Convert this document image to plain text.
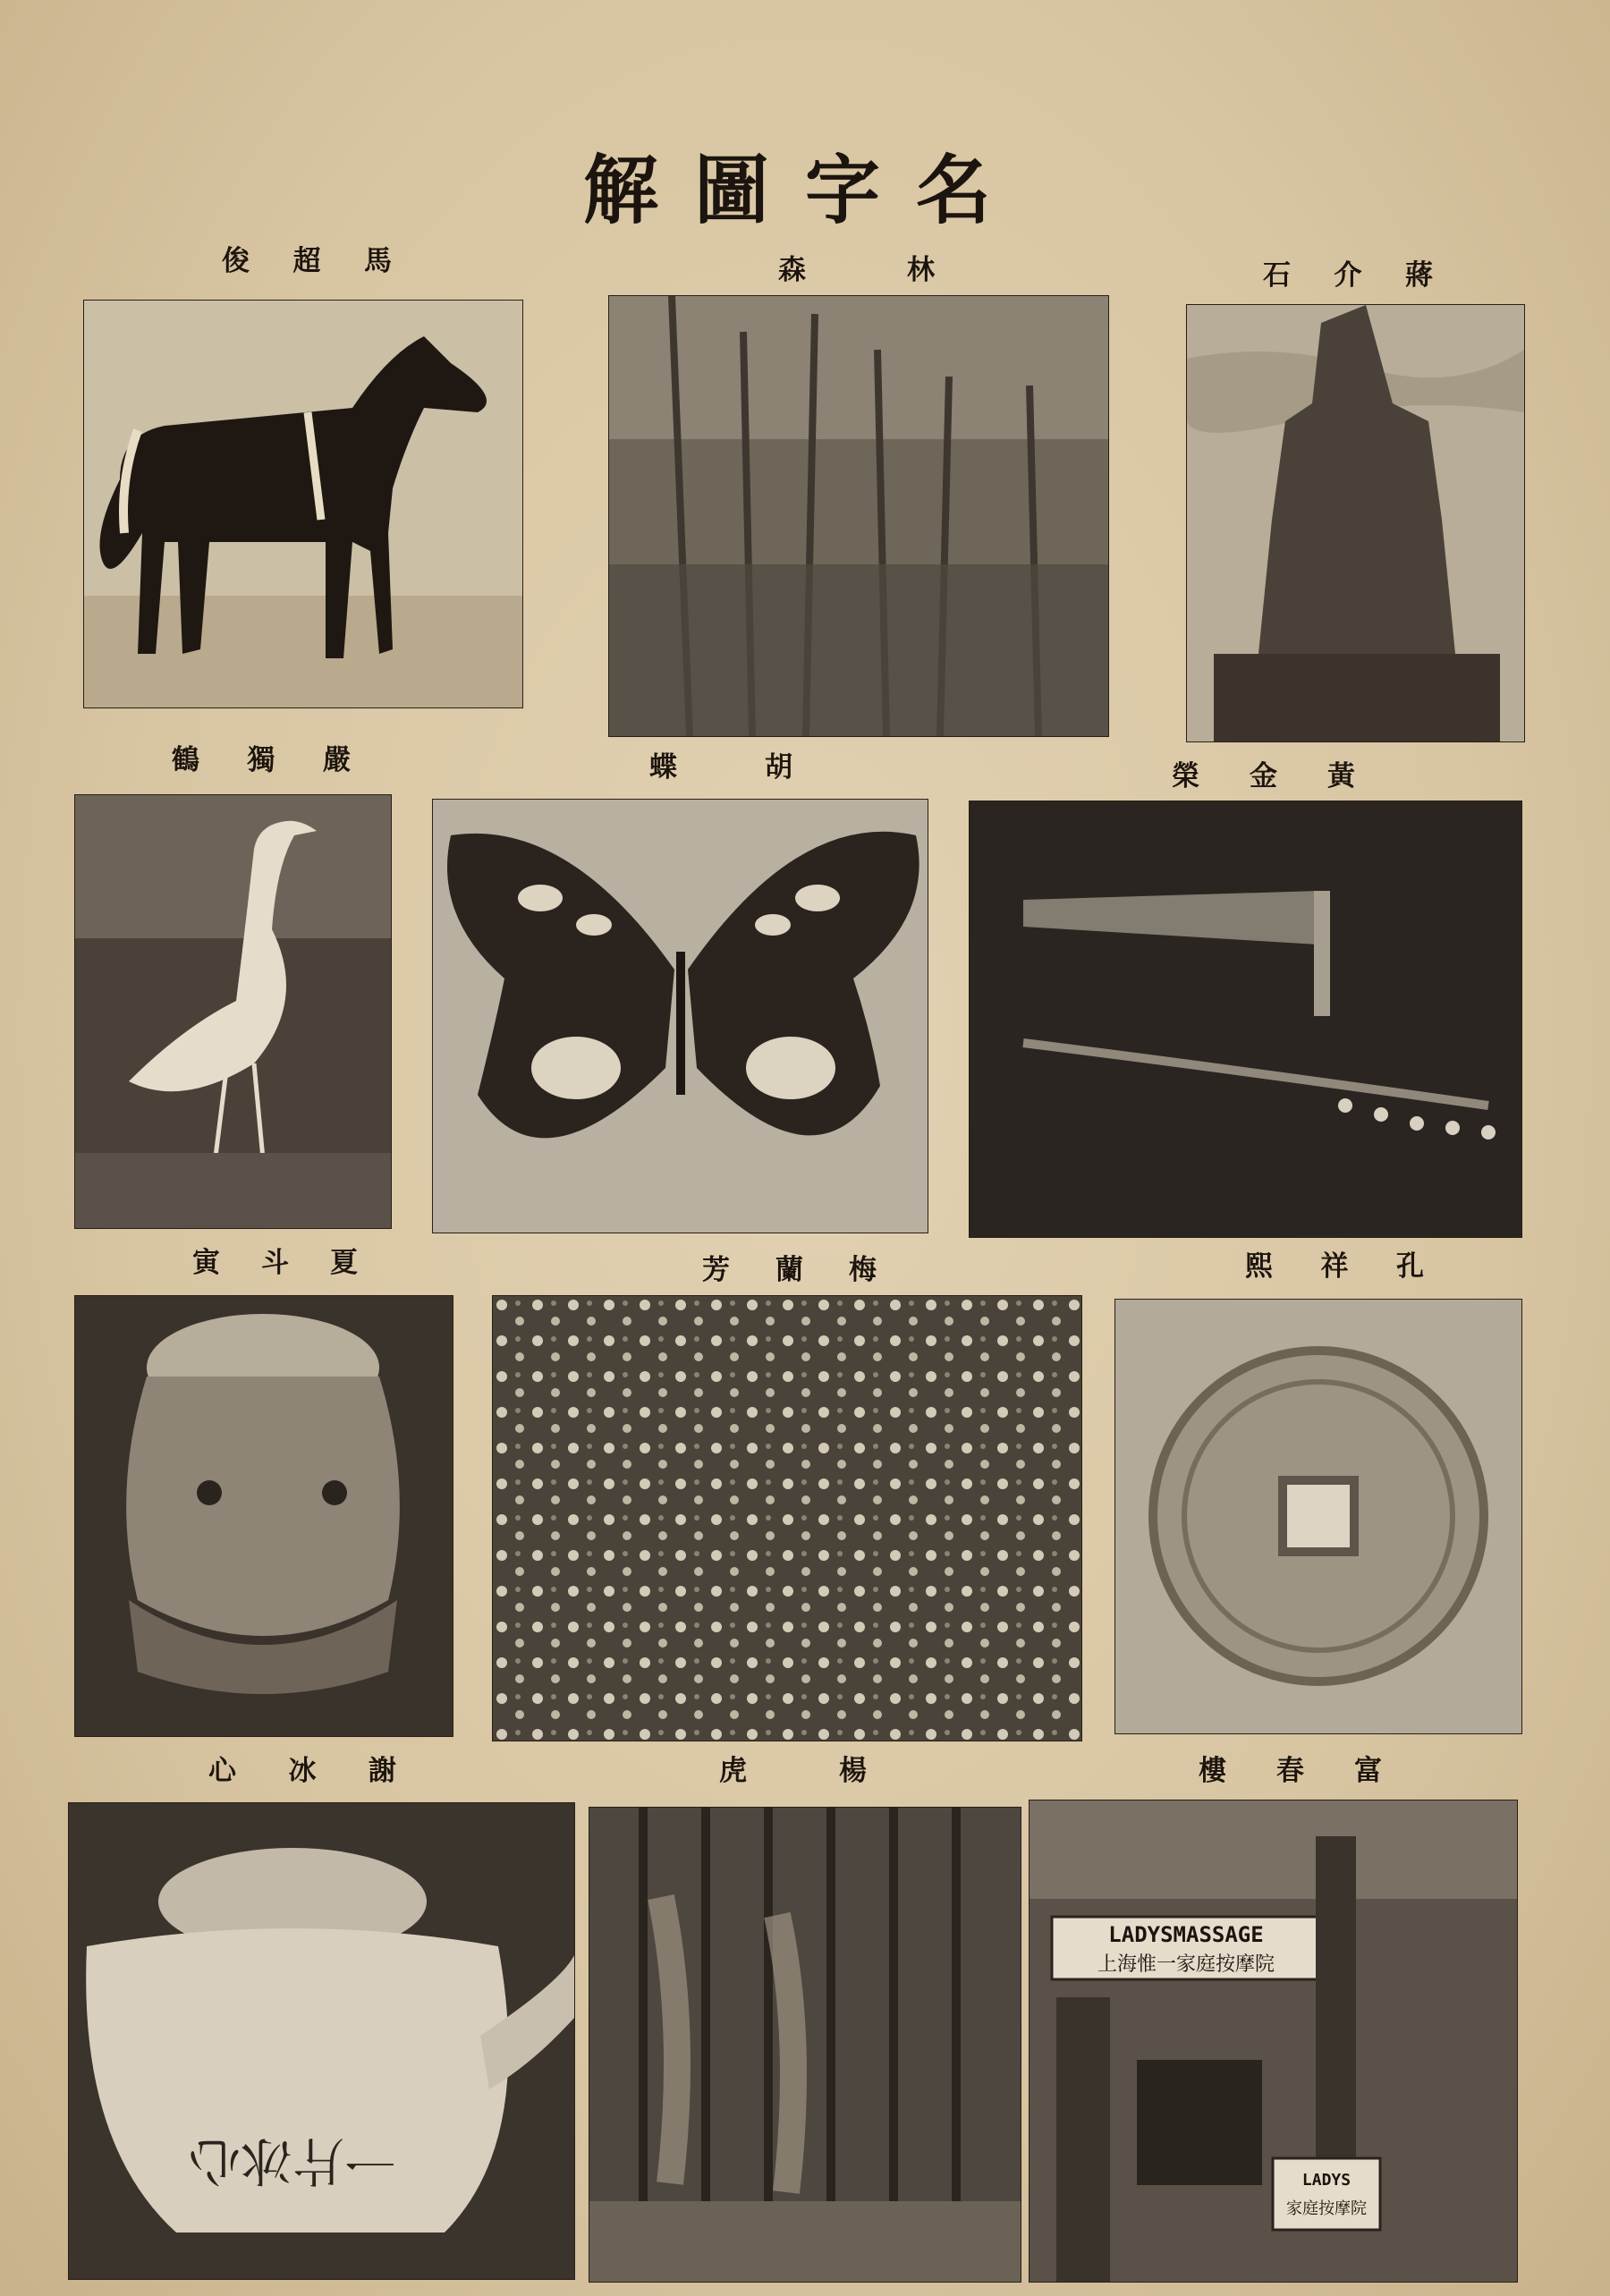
解圖字名
俊 超 馬	森	林	石 介 蔣
鶴 獨 嚴	蝶	胡	榮 金 黃
寅 斗 夏	芳 蘭 梅	熙 祥 孔
心 冰 謝
一片冰心
虎	楊	樓 春 富
LADYSMASSAGE
上海惟一家庭按摩院
LADYS
家庭按摩院
